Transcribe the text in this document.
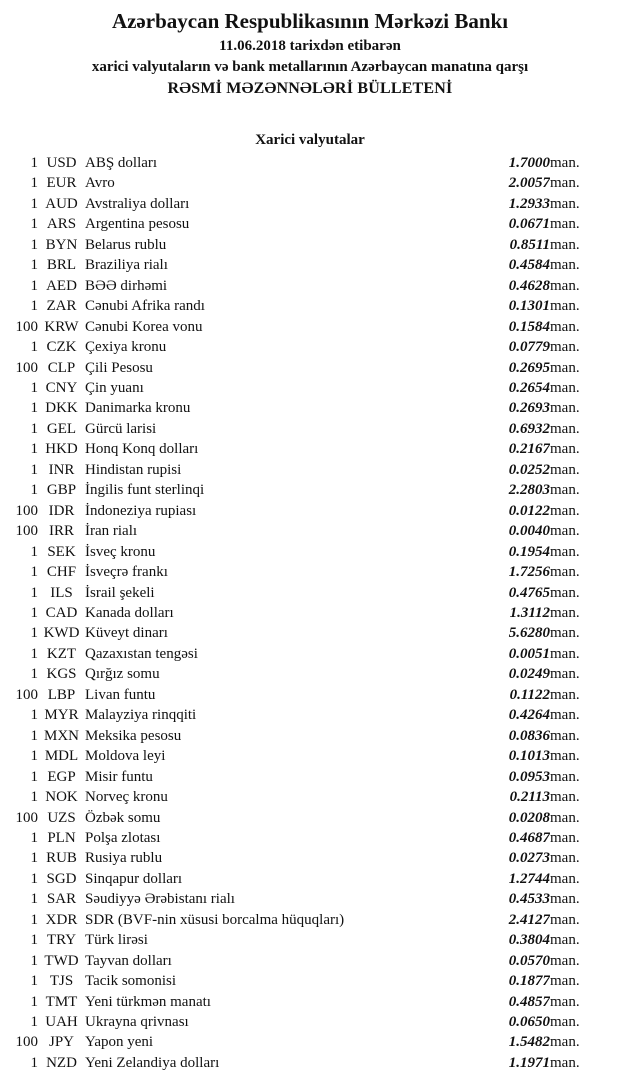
Azərbaycan Respublikasının Mərkəzi Bankı
11.06.2018 tarixdən etibarən
xarici valyutaların və bank metallarının Azərbaycan manatına qarşı
RƏSMİ MƏZƏNNƏLƏRİ BÜLLETENİ
Xarici valyutalar
1	USD	ABŞ dolları	1.7000	man.
1	EUR	Avro	2.0057	man.
1	AUD	Avstraliya dolları	1.2933	man.
1	ARS	Argentina pesosu	0.0671	man.
1	BYN	Belarus rublu	0.8511	man.
1	BRL	Braziliya rialı	0.4584	man.
1	AED	BƏƏ dirhəmi	0.4628	man.
1	ZAR	Cənubi Afrika randı	0.1301	man.
100	KRW	Cənubi Korea vonu	0.1584	man.
1	CZK	Çexiya kronu	0.0779	man.
100	CLP	Çili Pesosu	0.2695	man.
1	CNY	Çin yuanı	0.2654	man.
1	DKK	Danimarka kronu	0.2693	man.
1	GEL	Gürcü larisi	0.6932	man.
1	HKD	Honq Konq dolları	0.2167	man.
1	INR	Hindistan rupisi	0.0252	man.
1	GBP	İngilis funt sterlinqi	2.2803	man.
100	IDR	İndoneziya rupiası	0.0122	man.
100	IRR	İran rialı	0.0040	man.
1	SEK	İsveç kronu	0.1954	man.
1	CHF	İsveçrə frankı	1.7256	man.
1	ILS	İsrail şekeli	0.4765	man.
1	CAD	Kanada dolları	1.3112	man.
1	KWD	Küveyt dinarı	5.6280	man.
1	KZT	Qazaxıstan tengəsi	0.0051	man.
1	KGS	Qırğız somu	0.0249	man.
100	LBP	Livan funtu	0.1122	man.
1	MYR	Malayziya rinqqiti	0.4264	man.
1	MXN	Meksika pesosu	0.0836	man.
1	MDL	Moldova leyi	0.1013	man.
1	EGP	Misir funtu	0.0953	man.
1	NOK	Norveç kronu	0.2113	man.
100	UZS	Özbək somu	0.0208	man.
1	PLN	Polşa zlotası	0.4687	man.
1	RUB	Rusiya rublu	0.0273	man.
1	SGD	Sinqapur dolları	1.2744	man.
1	SAR	Səudiyyə Ərəbistanı rialı	0.4533	man.
1	XDR	SDR (BVF-nin xüsusi borcalma hüquqları)	2.4127	man.
1	TRY	Türk lirəsi	0.3804	man.
1	TWD	Tayvan dolları	0.0570	man.
1	TJS	Tacik somonisi	0.1877	man.
1	TMT	Yeni türkmən manatı	0.4857	man.
1	UAH	Ukrayna qrivnası	0.0650	man.
100	JPY	Yapon yeni	1.5482	man.
1	NZD	Yeni Zelandiya dolları	1.1971	man.
